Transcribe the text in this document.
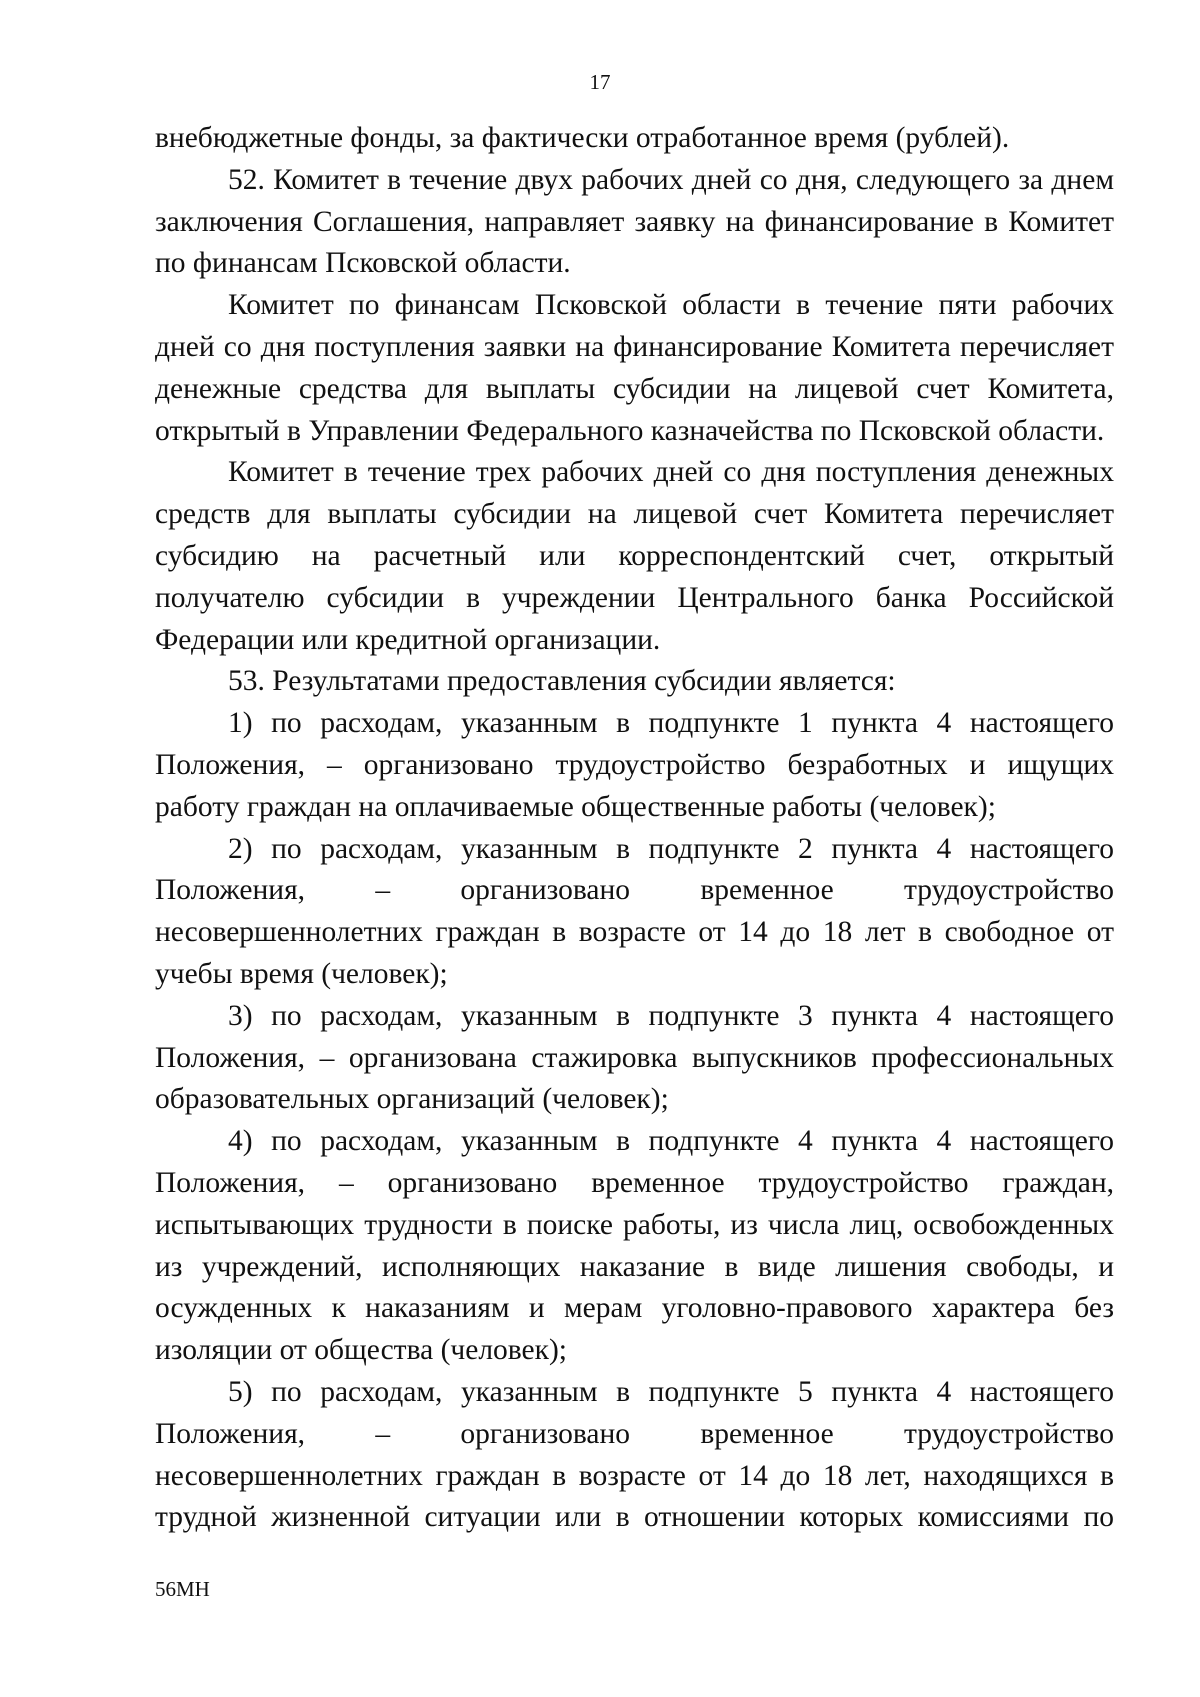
17

внебюджетные фонды, за фактически отработанное время (рублей).

52. Комитет в течение двух рабочих дней со дня, следующего за днем заключения Соглашения, направляет заявку на финансирование в Комитет по финансам Псковской области.

Комитет по финансам Псковской области в течение пяти рабочих дней со дня поступления заявки на финансирование Комитета перечисляет денежные средства для выплаты субсидии на лицевой счет Комитета, открытый в Управлении Федерального казначейства по Псковской области.

Комитет в течение трех рабочих дней со дня поступления денежных средств для выплаты субсидии на лицевой счет Комитета перечисляет субсидию на расчетный или корреспондентский счет, открытый получателю субсидии в учреждении Центрального банка Российской Федерации или кредитной организации.

53. Результатами предоставления субсидии является:

1) по расходам, указанным в подпункте 1 пункта 4 настоящего Положения, – организовано трудоустройство безработных и ищущих работу граждан на оплачиваемые общественные работы (человек);

2) по расходам, указанным в подпункте 2 пункта 4 настоящего Положения, – организовано временное трудоустройство несовершеннолетних граждан в возрасте от 14 до 18 лет в свободное от учебы время (человек);

3) по расходам, указанным в подпункте 3 пункта 4 настоящего Положения, – организована стажировка выпускников профессиональных образовательных организаций (человек);

4) по расходам, указанным в подпункте 4 пункта 4 настоящего Положения, – организовано временное трудоустройство граждан, испытывающих трудности в поиске работы, из числа лиц, освобожденных из учреждений, исполняющих наказание в виде лишения свободы, и осужденных к наказаниям и мерам уголовно-правового характера без изоляции от общества (человек);

5) по расходам, указанным в подпункте 5 пункта 4 настоящего Положения, – организовано временное трудоустройство несовершеннолетних граждан в возрасте от 14 до 18 лет, находящихся в трудной жизненной ситуации или в отношении которых комиссиями по

56МН
